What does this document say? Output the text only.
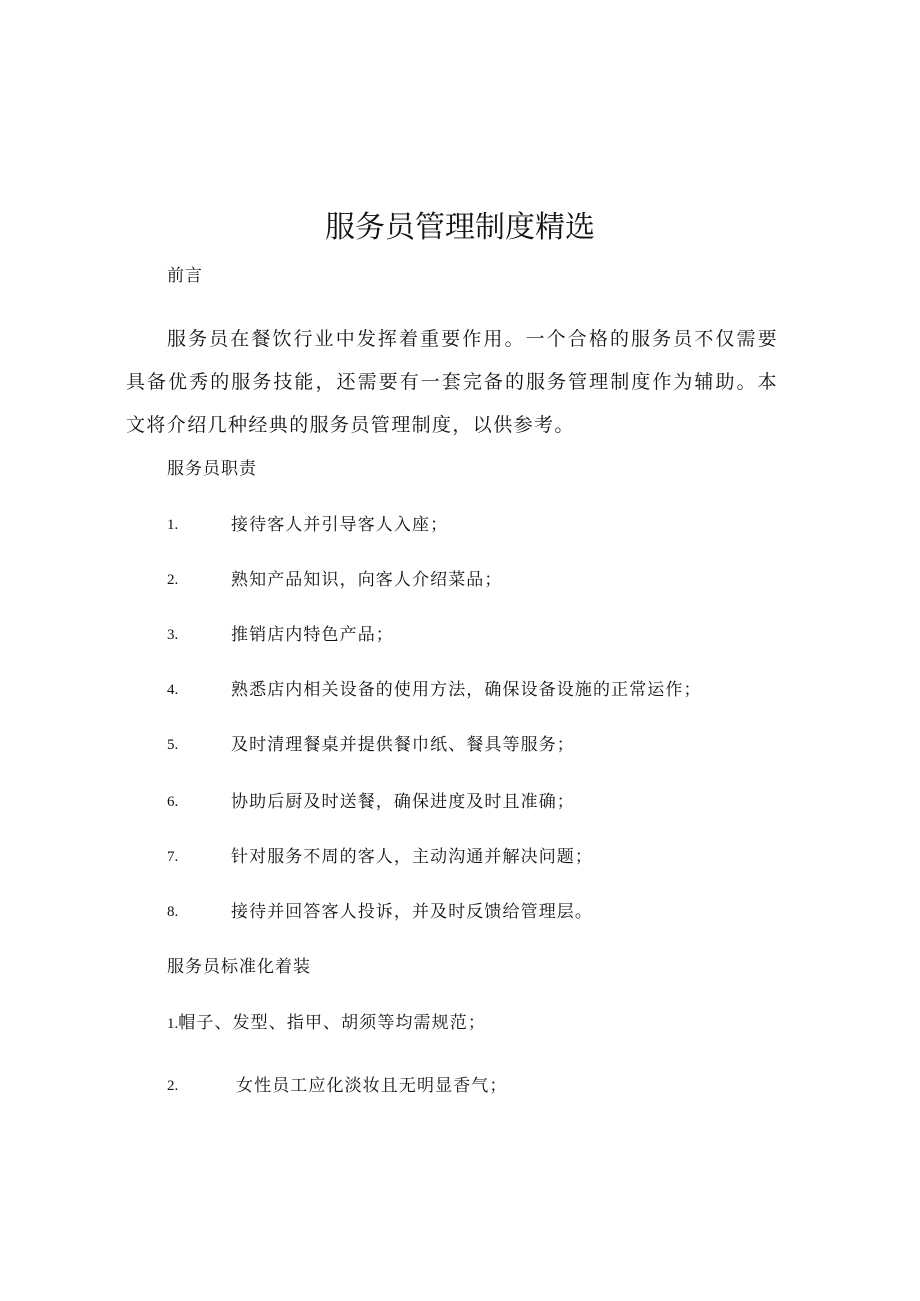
服务员管理制度精选

前言

服务员在餐饮行业中发挥着重要作用。一个合格的服务员不仅需要具备优秀的服务技能，还需要有一套完备的服务管理制度作为辅助。本文将介绍几种经典的服务员管理制度，以供参考。

服务员职责

1.	接待客人并引导客人入座；
2.	熟知产品知识，向客人介绍菜品；
3.	推销店内特色产品；
4.	熟悉店内相关设备的使用方法，确保设备设施的正常运作；
5.	及时清理餐桌并提供餐巾纸、餐具等服务；
6.	协助后厨及时送餐，确保进度及时且准确；
7.	针对服务不周的客人，主动沟通并解决问题；
8.	接待并回答客人投诉，并及时反馈给管理层。

服务员标准化着装

1.帽子、发型、指甲、胡须等均需规范；
2.	女性员工应化淡妆且无明显香气；
